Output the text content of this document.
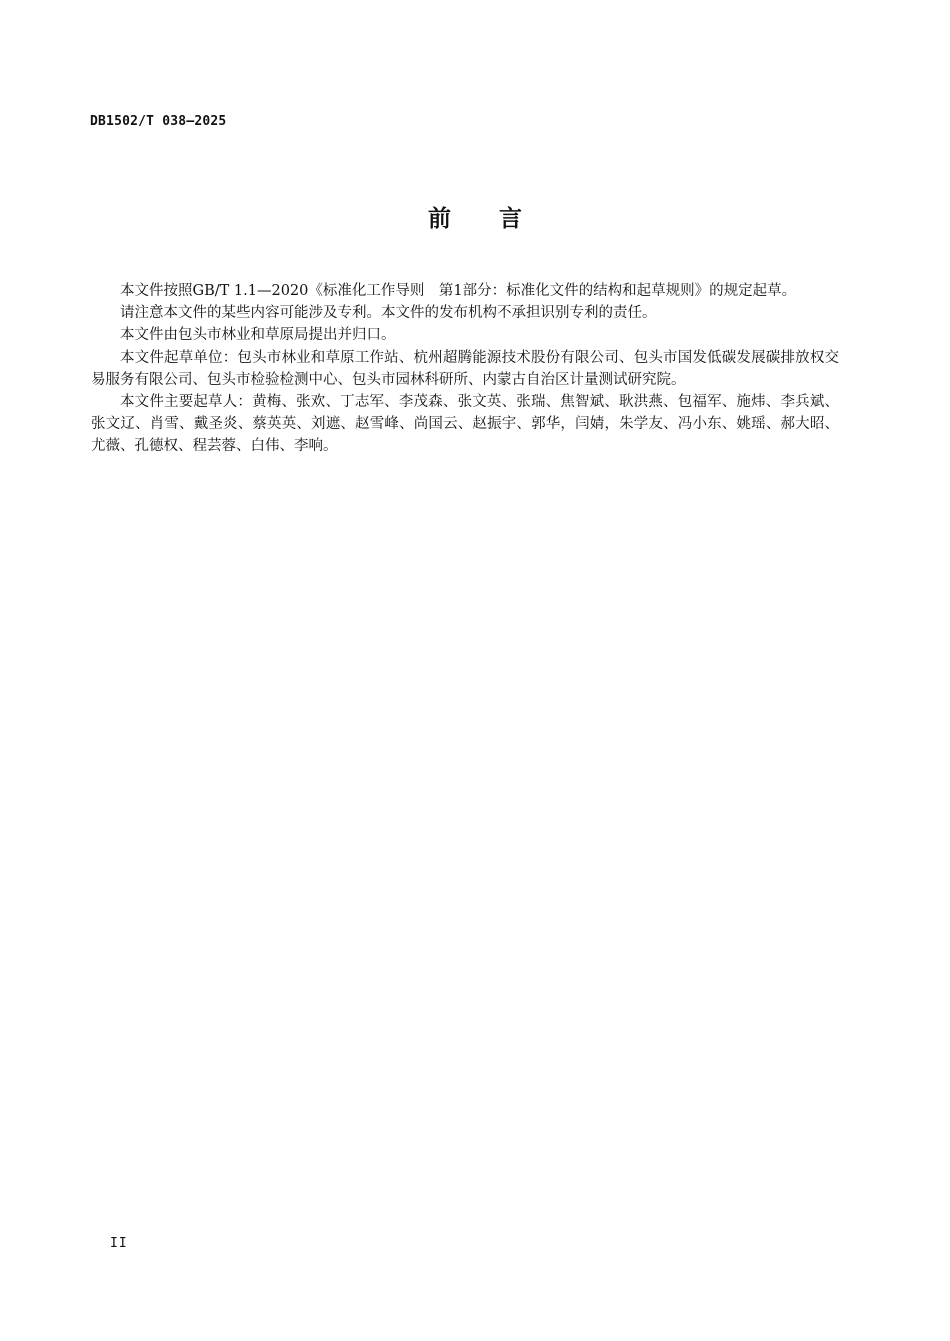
DB1502/T 038—2025
前言

本文件按照GB/T 1.1—2020《标准化工作导则　第1部分：标准化文件的结构和起草规则》的规定起草。

请注意本文件的某些内容可能涉及专利。本文件的发布机构不承担识别专利的责任。

本文件由包头市林业和草原局提出并归口。

本文件起草单位：包头市林业和草原工作站、杭州超腾能源技术股份有限公司、包头市国发低碳发展碳排放权交易服务有限公司、包头市检验检测中心、包头市园林科研所、内蒙古自治区计量测试研究院。

本文件主要起草人：黄梅、张欢、丁志军、李茂森、张文英、张瑞、焦智斌、耿洪燕、包福军、施炜、李兵斌、张文辽、肖雪、戴圣炎、蔡英英、刘遮、赵雪峰、尚国云、赵振宇、郭华，闫婧，朱学友、冯小东、姚瑶、郝大昭、尤薇、孔德权、程芸蓉、白伟、李响。

II
